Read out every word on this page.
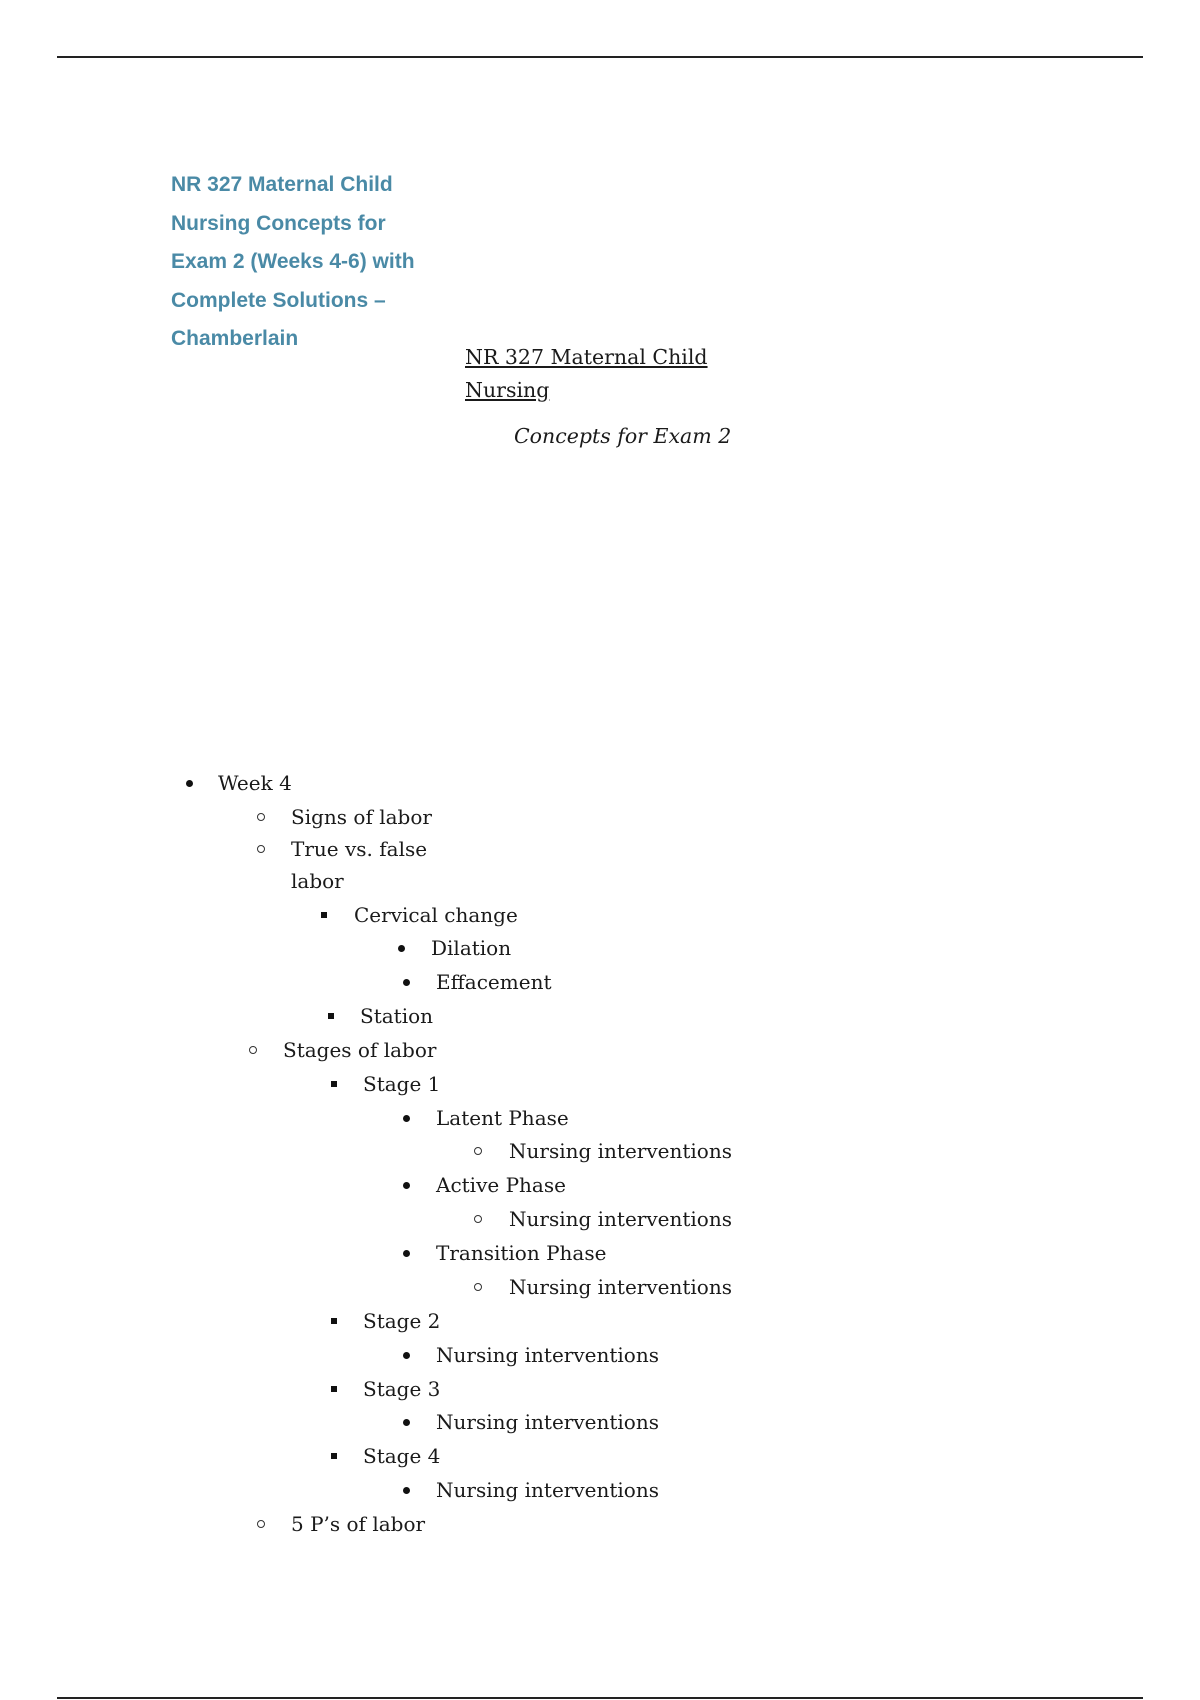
NR 327 Maternal Child
Nursing Concepts for
Exam 2 (Weeks 4-6) with
Complete Solutions –
Chamberlain
NR 327 Maternal Child
Nursing
Concepts for Exam 2
Week 4
Signs of labor
True vs. false labor
Cervical change
Dilation
Effacement
Station
Stages of labor
Stage 1
Latent Phase
Nursing interventions
Active Phase
Nursing interventions
Transition Phase
Nursing interventions
Stage 2
Nursing interventions
Stage 3
Nursing interventions
Stage 4
Nursing interventions
5 P’s of labor
